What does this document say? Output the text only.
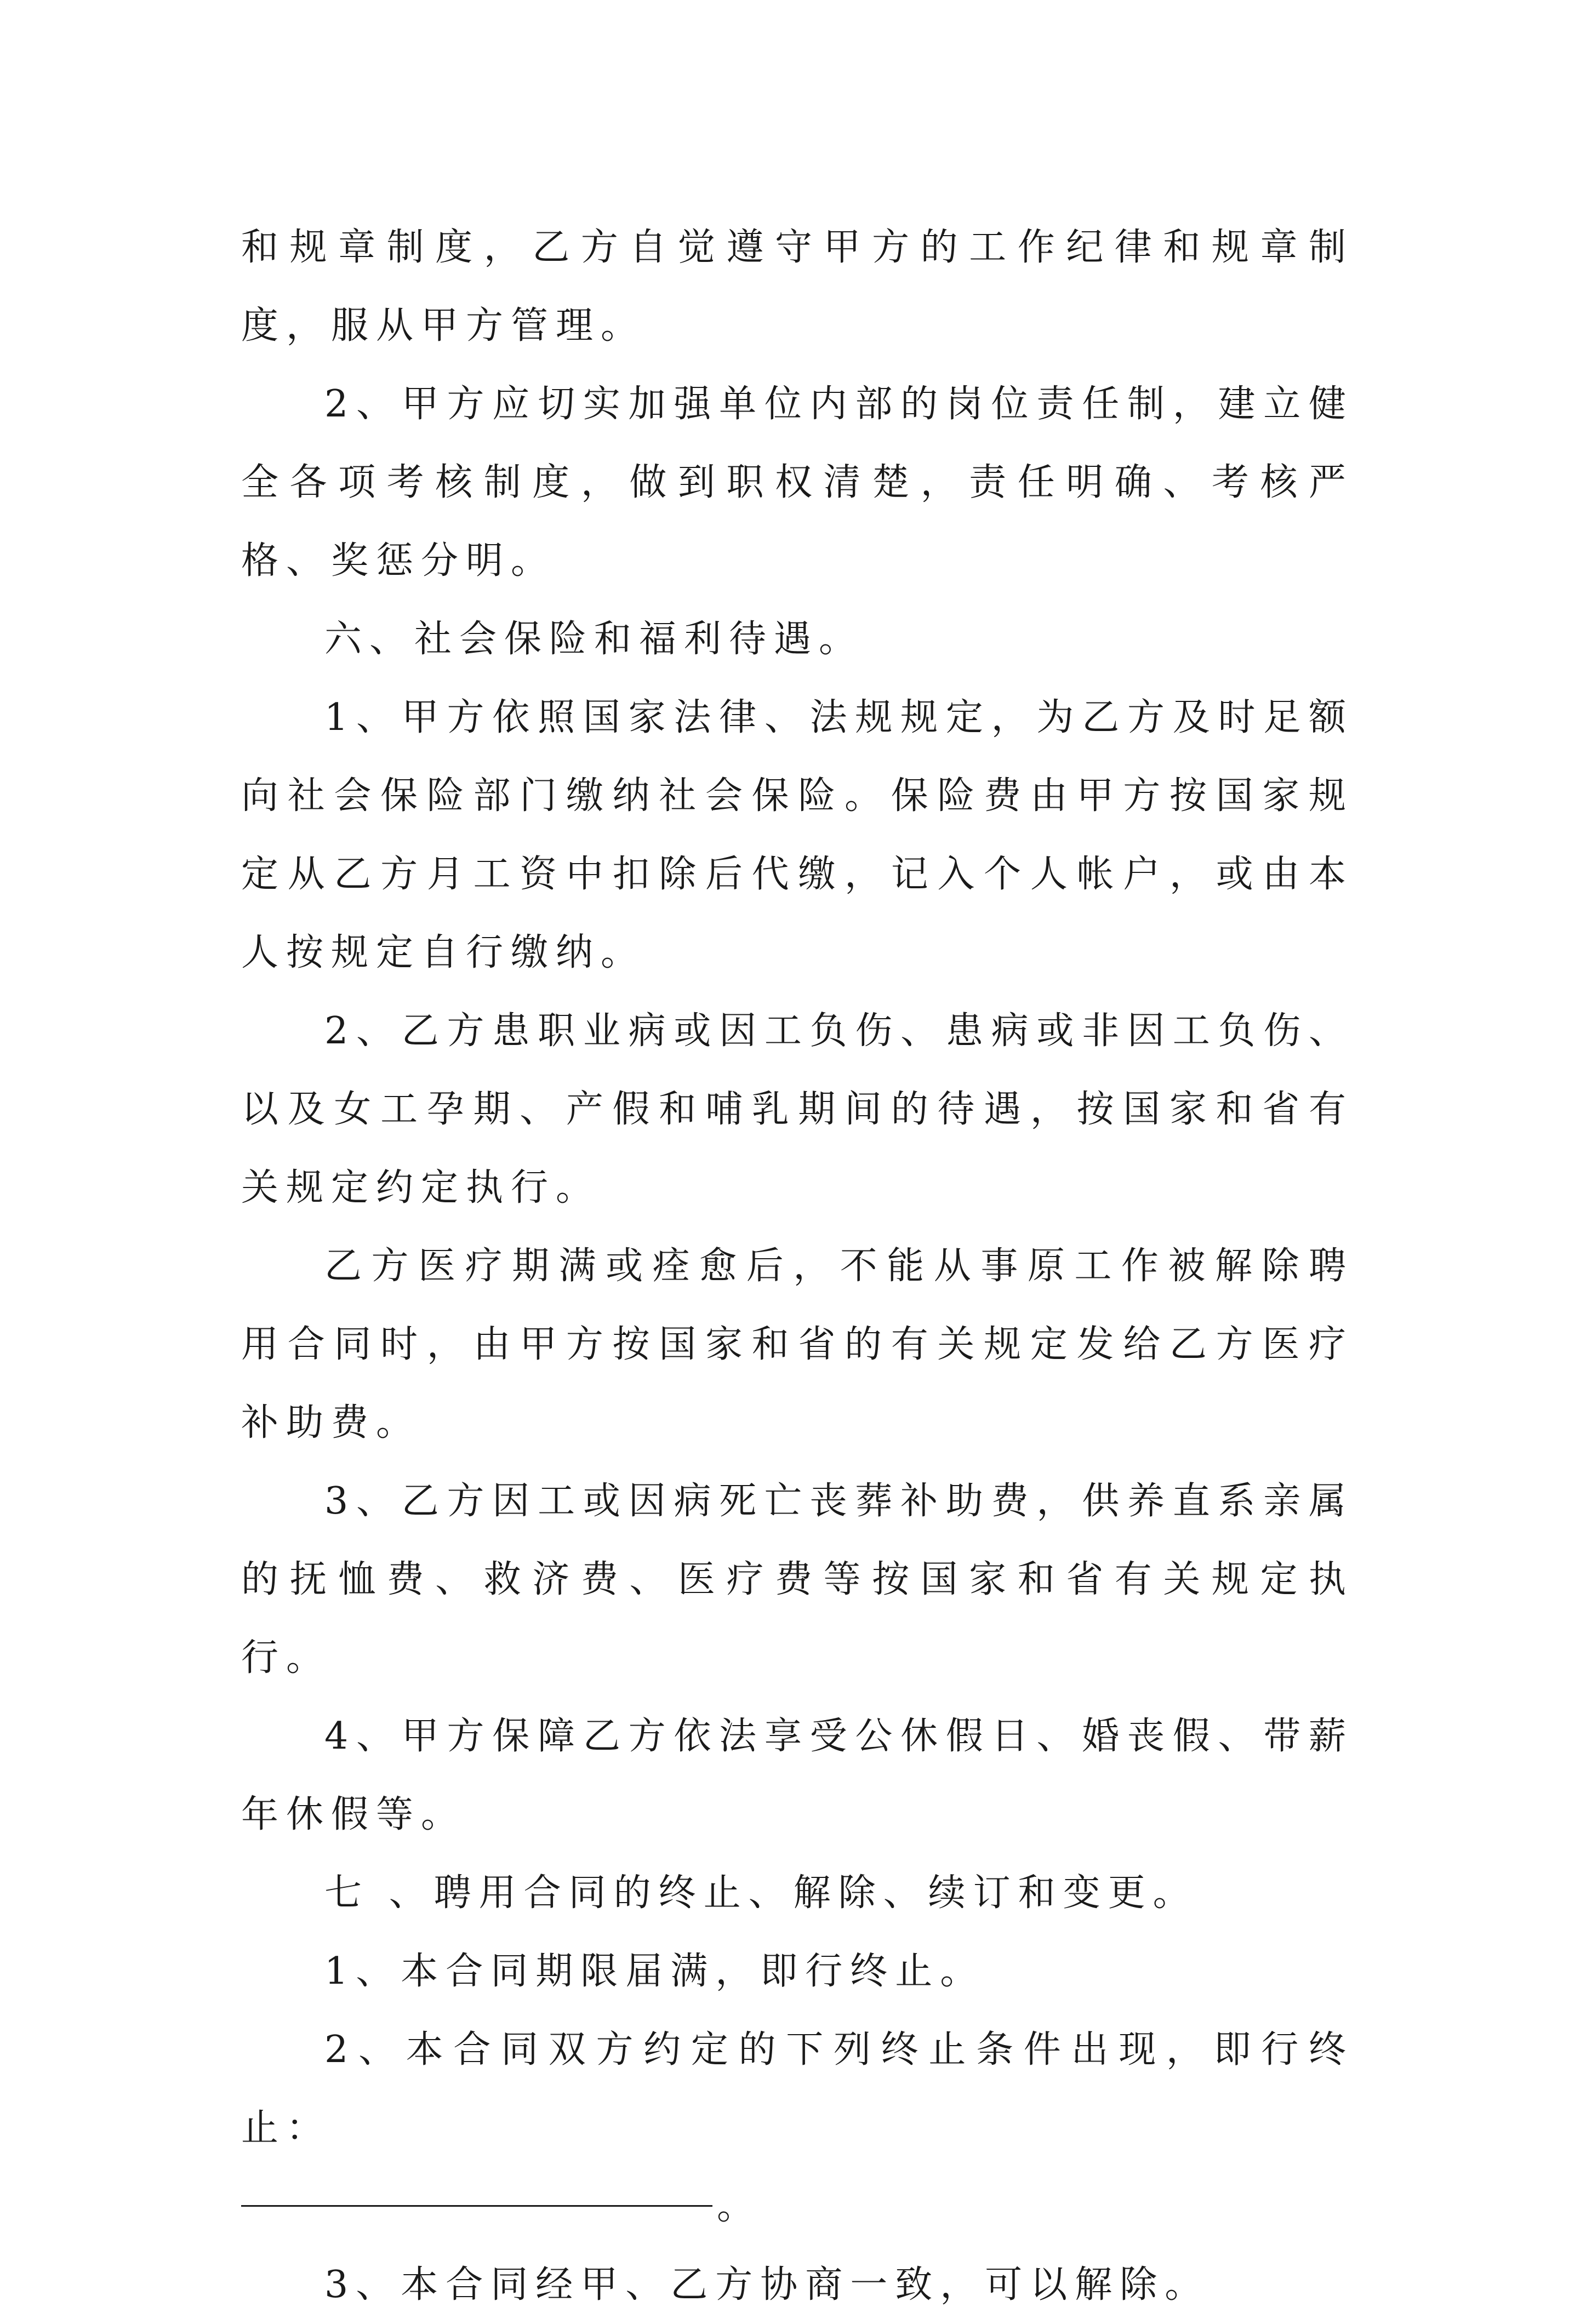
和规章制度，乙方自觉遵守甲方的工作纪律和规章制度，服从甲方管理。

2、甲方应切实加强单位内部的岗位责任制，建立健全各项考核制度，做到职权清楚，责任明确、考核严格、奖惩分明。

六、社会保险和福利待遇。

1、甲方依照国家法律、法规规定，为乙方及时足额向社会保险部门缴纳社会保险。保险费由甲方按国家规定从乙方月工资中扣除后代缴，记入个人帐户，或由本人按规定自行缴纳。

2、乙方患职业病或因工负伤、患病或非因工负伤、以及女工孕期、产假和哺乳期间的待遇，按国家和省有关规定约定执行。

乙方医疗期满或痊愈后，不能从事原工作被解除聘用合同时，由甲方按国家和省的有关规定发给乙方医疗补助费。

3、乙方因工或因病死亡丧葬补助费，供养直系亲属的抚恤费、救济费、医疗费等按国家和省有关规定执行。

4、甲方保障乙方依法享受公休假日、婚丧假、带薪年休假等。

七 、聘用合同的终止、解除、续订和变更。

1、本合同期限届满，即行终止。

2、本合同双方约定的下列终止条件出现，即行终止：

。

3、本合同经甲、乙方协商一致，可以解除。
